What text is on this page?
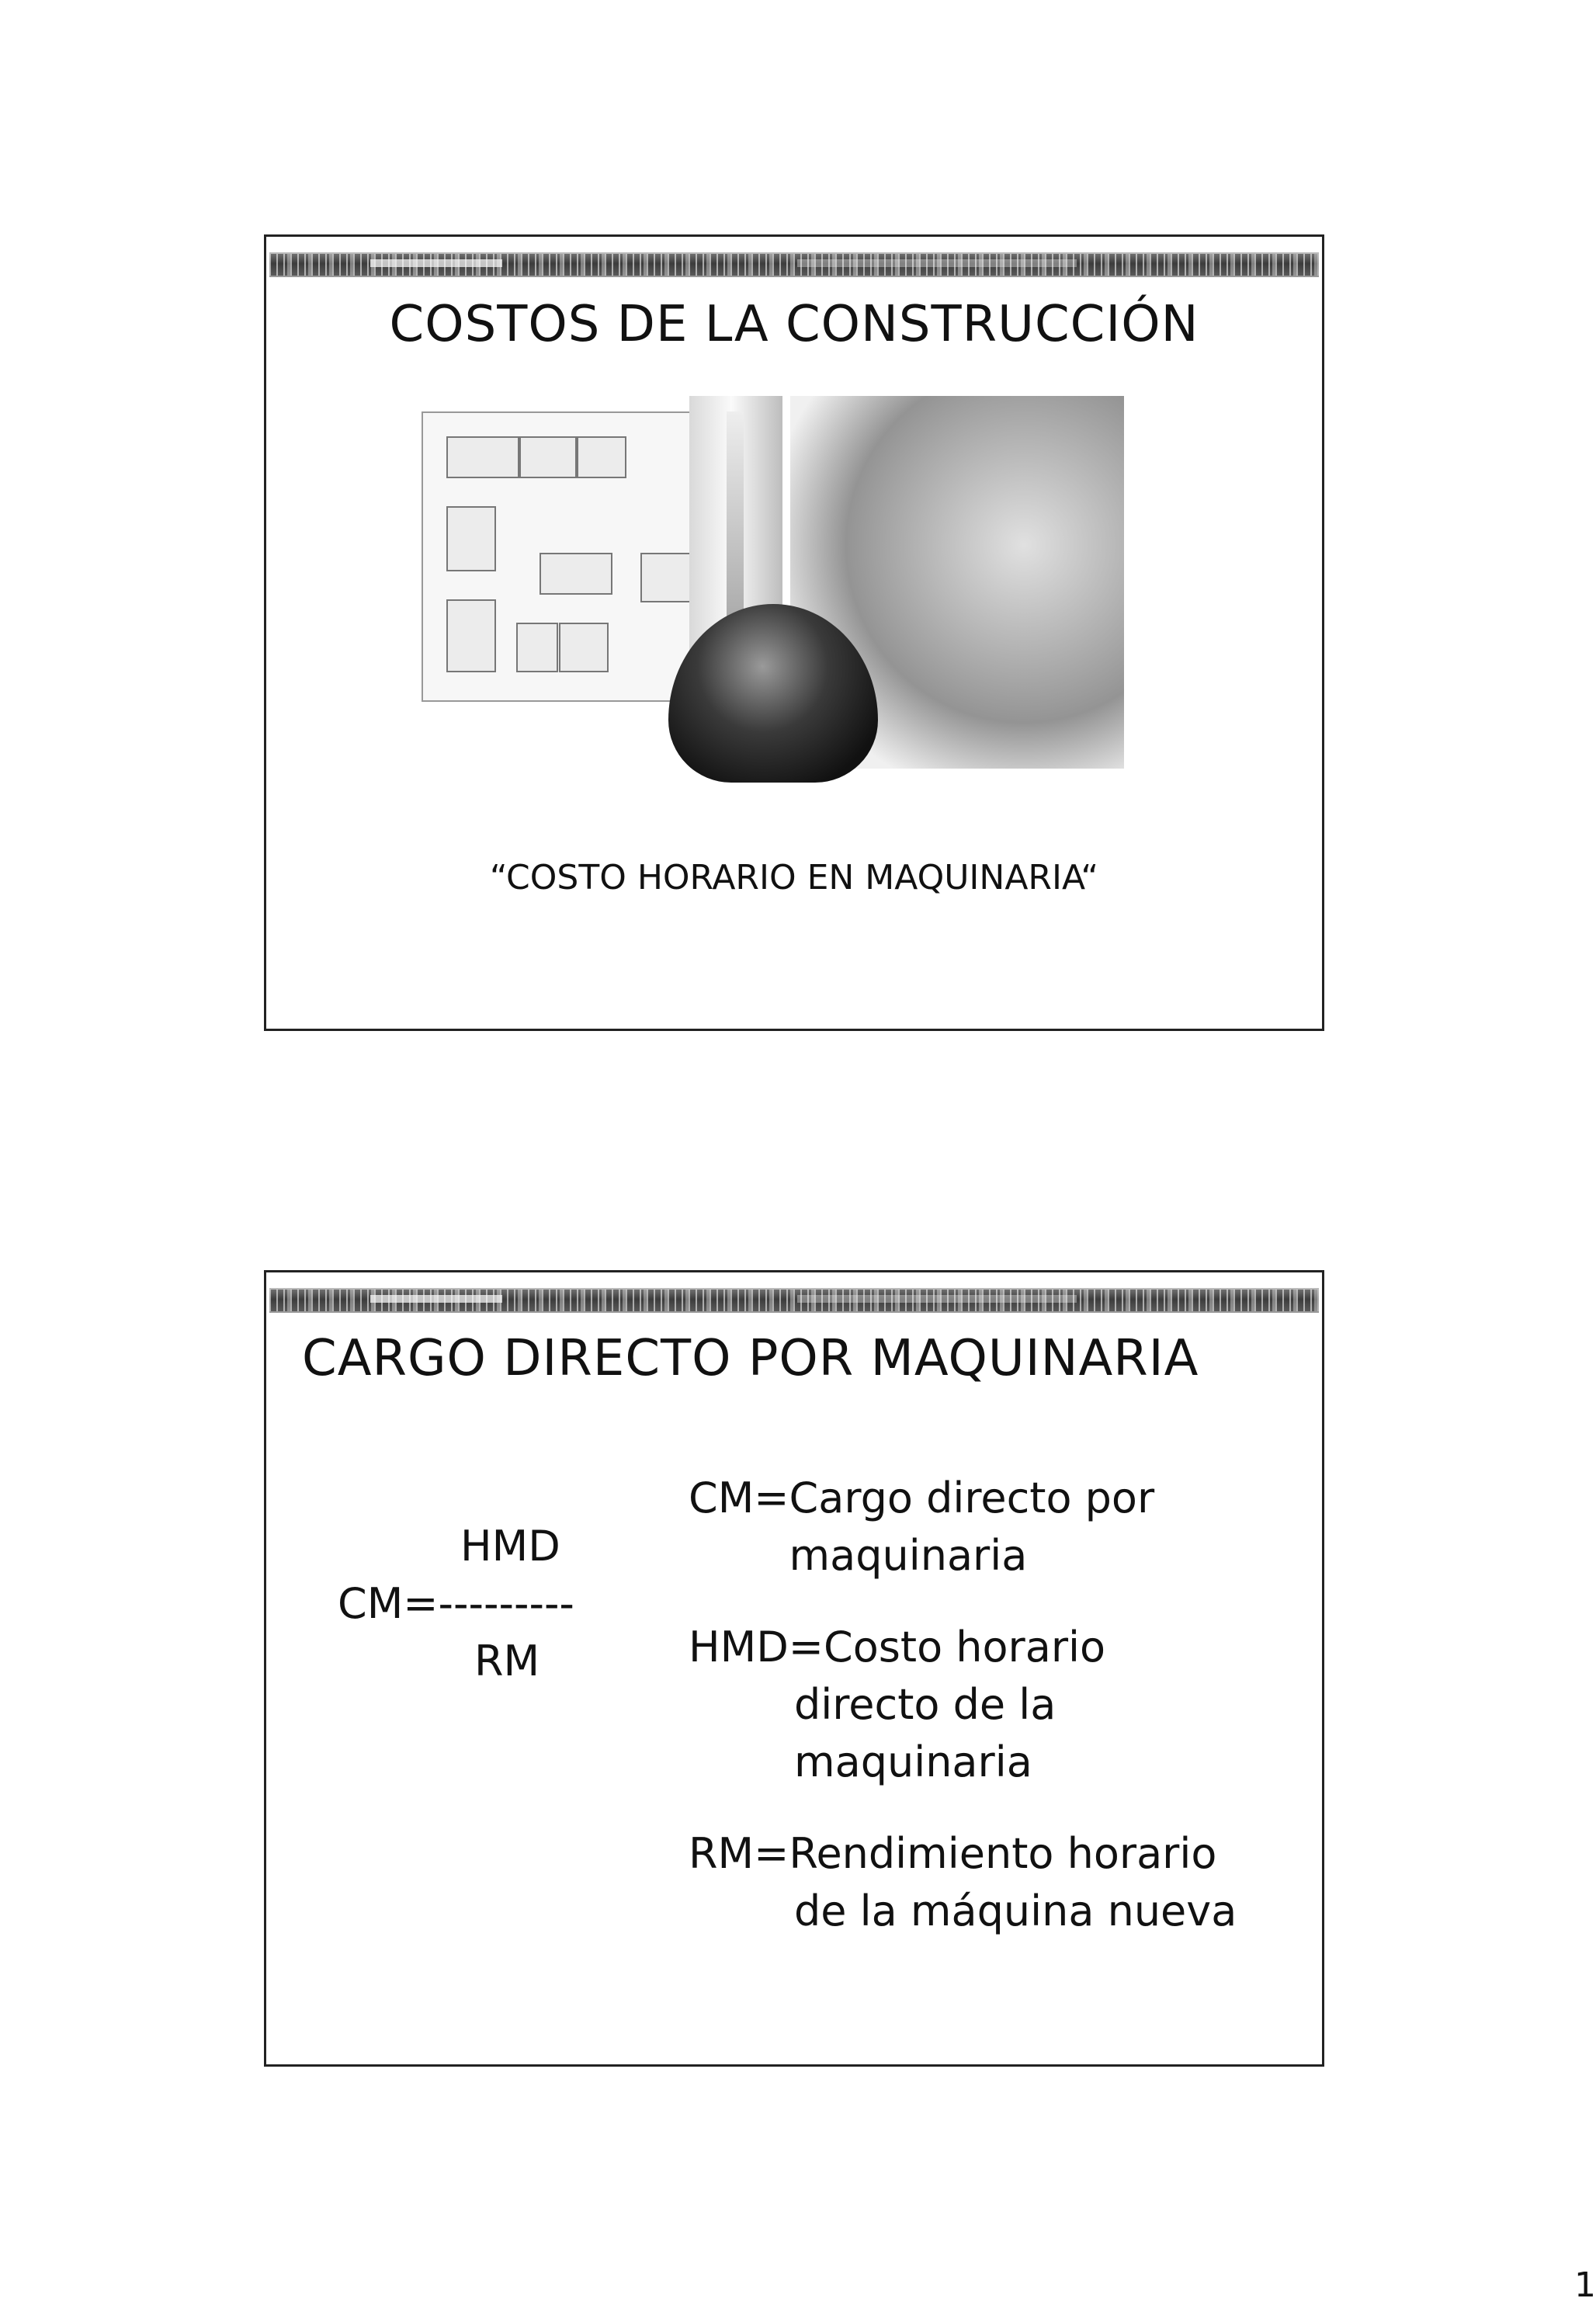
COSTOS DE LA CONSTRUCCIÓN

“COSTO HORARIO EN MAQUINARIA“

CARGO DIRECTO POR MAQUINARIA
HMD
CM=---------
RM
CM= Cargo directo por
maquinaria
HMD=Costo horario
directo de la
maquinaria
RM=Rendimiento horario
de la máquina nueva
1
